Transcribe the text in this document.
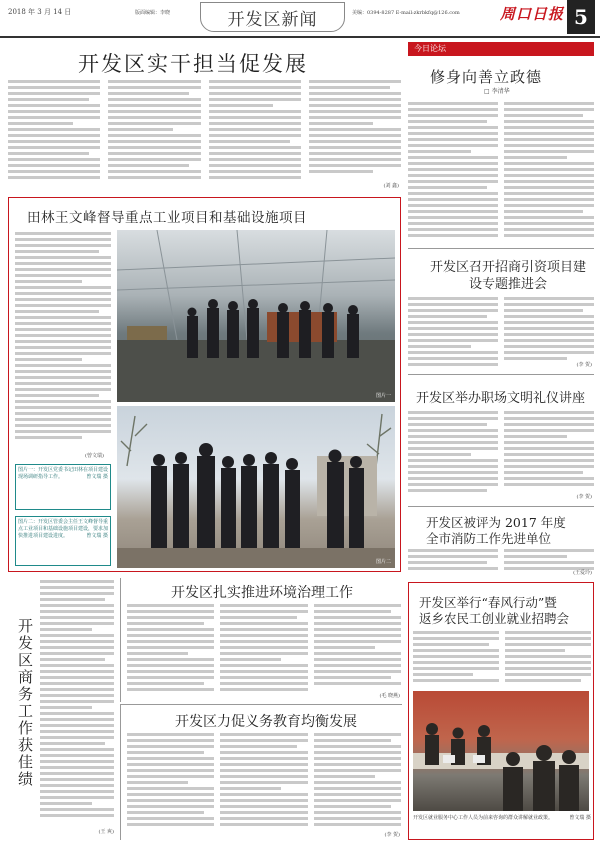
2018 年 3 月 14 日	版面编辑：李晓	开发区新闻	美编：0394-8287 E-mail:zkrbkfq@126.com	周口日报 5
开发区实干担当促发展
(刘 鑫)
今日论坛
修身向善立政德
□ 李清华
田林王文峰督导重点工业项目和基础设施项目
(曾文瑞)
图片一
图片一：开发区党委书记田林在项目建设现场调研指导工作。	曾文瑞 摄
图片二：开发区管委会主任王文峰督导重点工业项目和基础设施项目建设，要求加快推进项目建设进度。	曾文瑞 摄
图片二
开发区召开招商引资项目建设专题推进会
(李 贺)
开发区举办职场文明礼仪讲座
(李 贺)
开发区被评为 2017 年度
全市消防工作先进单位
(王爱玲)
开发区商务工作获佳绩
(王 爽)
开发区扎实推进环境治理工作
(毛 晓燕)
开发区力促义务教育均衡发展
(李 贺)
开发区举行“春风行动”暨
返乡农民工创业就业招聘会
开发区就业服务中心工作人员为前来咨询的群众讲解就业政策。	曾文瑞 摄
